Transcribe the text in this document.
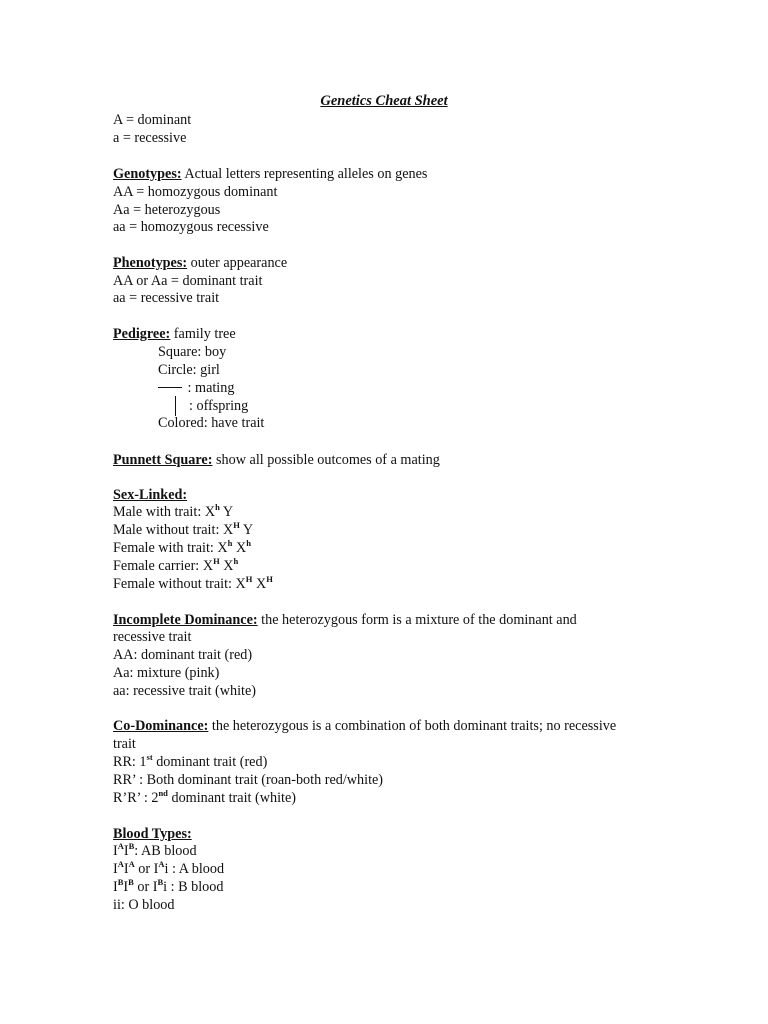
Genetics Cheat Sheet
A = dominant
a = recessive
Genotypes: Actual letters representing alleles on genes
AA = homozygous dominant
Aa = heterozygous
aa = homozygous recessive
Phenotypes: outer appearance
AA or Aa = dominant trait
aa = recessive trait
Pedigree: family tree
Square: boy
Circle: girl
: mating
: offspring
Colored: have trait
Punnett Square: show all possible outcomes of a mating
Sex-Linked:
Male with trait: $X^h$ Y
Male without trait: $X^H$ Y
Female with trait: $X^h$ $X^h$
Female carrier: $X^H$ $X^h$
Female without trait: $X^H$ $X^H$
Incomplete Dominance: the heterozygous form is a mixture of the dominant and
recessive trait
AA: dominant trait (red)
Aa: mixture (pink)
aa: recessive trait (white)
Co-Dominance: the heterozygous is a combination of both dominant traits; no recessive
trait
RR: 1st dominant trait (red)
RR’ : Both dominant trait (roan-both red/white)
R’R’ : 2nd dominant trait (white)
Blood Types:
$I^AI^B$: AB blood
$I^AI^A$ or $I^Ai$ : A blood
$I^BI^B$ or $I^Bi$ : B blood
ii: O blood
